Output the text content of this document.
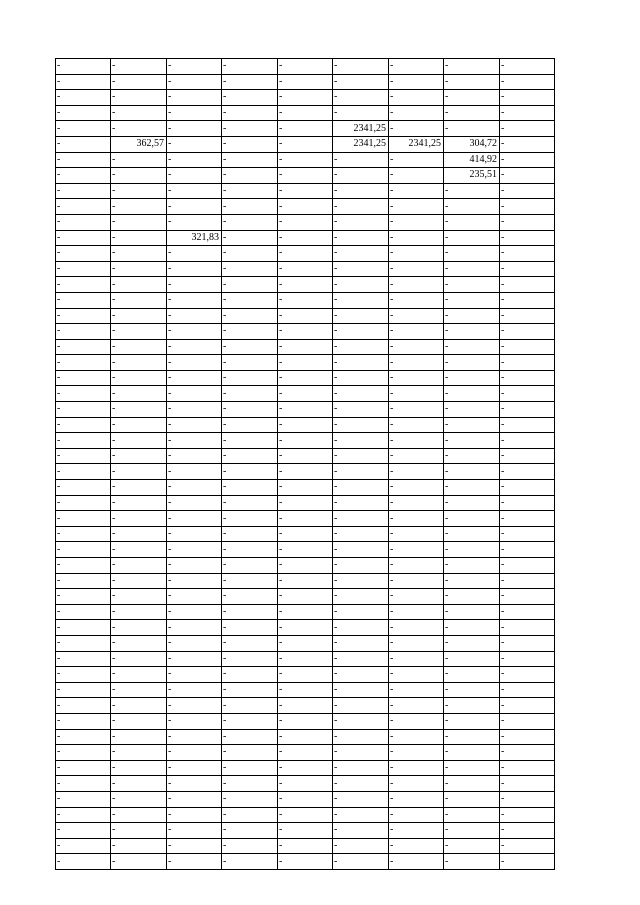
-	-	-	-	-	-	-	-	-
-	-	-	-	-	-	-	-	-
-	-	-	-	-	-	-	-	-
-	-	-	-	-	-	-	-	-
-	-	-	-	-	2341,25	-	-	-
-	362,57	-	-	-	2341,25	2341,25	304,72	-
-	-	-	-	-	-	-	414,92	-
-	-	-	-	-	-	-	235,51	-
-	-	-	-	-	-	-	-	-
-	-	-	-	-	-	-	-	-
-	-	-	-	-	-	-	-	-
-	-	321,83	-	-	-	-	-	-
-	-	-	-	-	-	-	-	-
-	-	-	-	-	-	-	-	-
-	-	-	-	-	-	-	-	-
-	-	-	-	-	-	-	-	-
-	-	-	-	-	-	-	-	-
-	-	-	-	-	-	-	-	-
-	-	-	-	-	-	-	-	-
-	-	-	-	-	-	-	-	-
-	-	-	-	-	-	-	-	-
-	-	-	-	-	-	-	-	-
-	-	-	-	-	-	-	-	-
-	-	-	-	-	-	-	-	-
-	-	-	-	-	-	-	-	-
-	-	-	-	-	-	-	-	-
-	-	-	-	-	-	-	-	-
-	-	-	-	-	-	-	-	-
-	-	-	-	-	-	-	-	-
-	-	-	-	-	-	-	-	-
-	-	-	-	-	-	-	-	-
-	-	-	-	-	-	-	-	-
-	-	-	-	-	-	-	-	-
-	-	-	-	-	-	-	-	-
-	-	-	-	-	-	-	-	-
-	-	-	-	-	-	-	-	-
-	-	-	-	-	-	-	-	-
-	-	-	-	-	-	-	-	-
-	-	-	-	-	-	-	-	-
-	-	-	-	-	-	-	-	-
-	-	-	-	-	-	-	-	-
-	-	-	-	-	-	-	-	-
-	-	-	-	-	-	-	-	-
-	-	-	-	-	-	-	-	-
-	-	-	-	-	-	-	-	-
-	-	-	-	-	-	-	-	-
-	-	-	-	-	-	-	-	-
-	-	-	-	-	-	-	-	-
-	-	-	-	-	-	-	-	-
-	-	-	-	-	-	-	-	-
-	-	-	-	-	-	-	-	-
-	-	-	-	-	-	-	-	-
